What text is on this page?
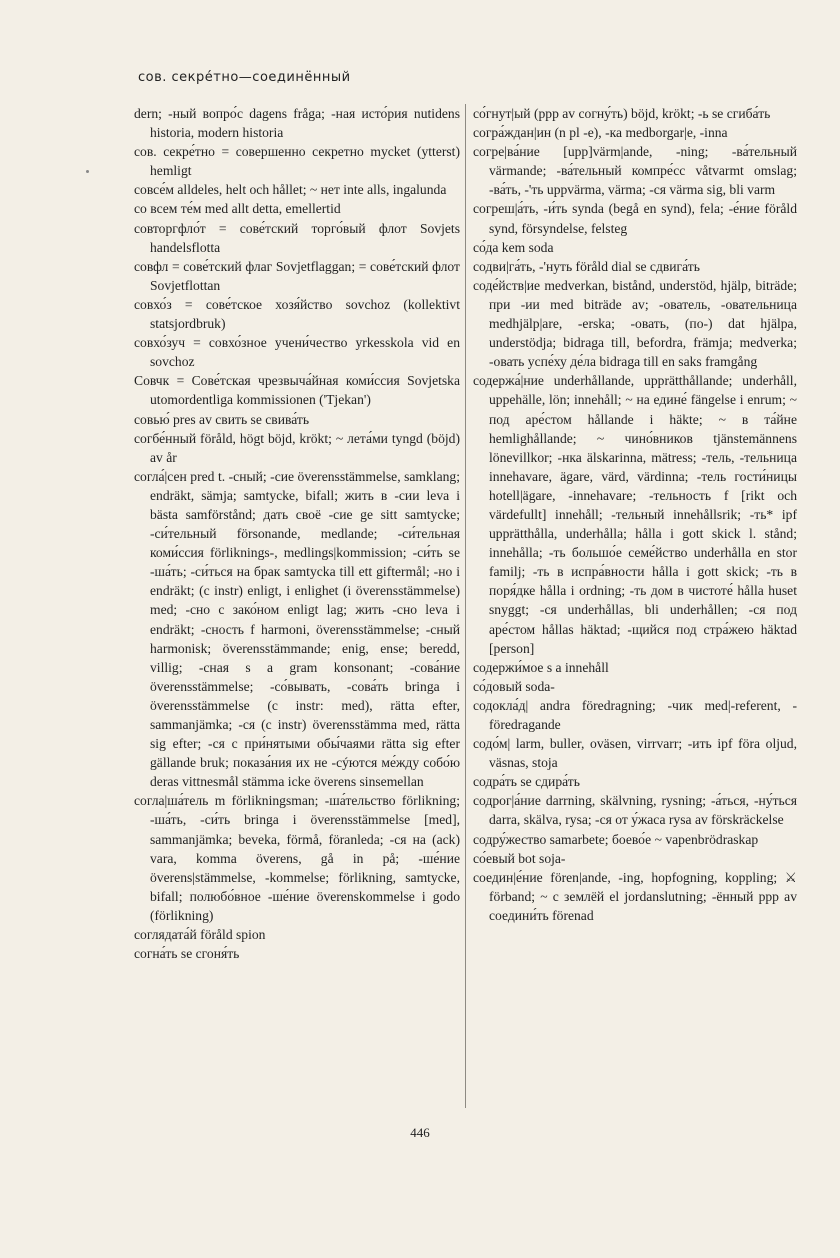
сов. секре́тно—соединённый
dern; -ный вопро́с dagens fråga; -ная исто́рия nutidens historia, modern historia
сов. секре́тно = совершенно секретно mycket (ytterst) hemligt
совсе́м alldeles, helt och hållet; ~ нет inte alls, ingalunda
со всем те́м med allt detta, emellertid
совторгфло́т = сове́тский торго́вый флот Sovjets handelsflotta
совфл = сове́тский флаг Sovjetflaggan; = сове́тский флот Sovjetflottan
совхо́з = сове́тское хозя́йство sovchoz (kollektivt statsjordbruk)
совхо́зуч = совхо́зное учени́чество yrkesskola vid en sovchoz
Совчк = Сове́тская чрезвыча́йная коми́ссия Sovjetska utomordentliga kommissionen ('Tjekan')
совью́ pres av свить se свива́ть
согбе́нный föråld, högt böjd, krökt; ~ лета́ми tyngd (böjd) av år
согла́|сен pred t. -сный; -сие överensstämmelse, samklang; endräkt, sämja; samtycke, bifall; жить в -сии leva i bästa samförstånd; дать своё -сие ge sitt samtycke; -си́тельный försonande, medlande; -си́тельная коми́ссия förliknings-, medlings|kommission; -си́ть se -ша́ть; -си́ться на брак samtycka till ett giftermål; -но i endräkt; (с instr) enligt, i enlighet (i överensstämmelse) med; -сно с зако́ном enligt lag; жить -сно leva i endräkt; -сность f harmoni, överensstämmelse; -сный harmonisk; överensstämmande; enig, ense; beredd, villig; -сная s a gram konsonant; -сова́ние överensstämmelse; -со́вывать, -сова́ть bringa i överensstämmelse (с instr: med), rätta efter, sammanjämka; -ся (с instr) överensstämma med, rätta sig efter; -ся с при́нятыми обы́чаями rätta sig efter gällande bruk; показа́ния их не -сýются ме́жду собо́ю deras vittnesmål stämma icke överens sinsemellan
согла|ша́тель m förlikningsman; -ша́тельство förlikning; -ша́ть, -си́ть bringa i överensstämmelse [med], sammanjämka; beveka, förmå, föranleda; -ся на (ack) vara, komma överens, gå in på; -ше́ние överens|stämmelse, -kommelse; förlikning, samtycke, bifall; полюбо́вное -ше́ние överenskommelse i godo (förlikning)
соглядата́й föråld spion
согна́ть se сгоня́ть
со́гнут|ый (ppp av согну́ть) böjd, krökt; -ь se сгиба́ть
согра́ждан|ин (n pl -е), -ка medborgar|e, -inna
согре|ва́ние [upp]värm|ande, -ning; -ва́тельный värmande; -ва́тельный компре́сс våtvarmt omslag; -ва́ть, -'ть uppvärma, värma; -ся värma sig, bli varm
согреш|а́ть, -и́ть synda (begå en synd), fela; -е́ние föråld synd, försyndelse, felsteg
со́да kem soda
содви|га́ть, -'нуть föråld dial se сдвига́ть
соде́йств|ие medverkan, bistånd, understöd, hjälp, biträde; при -ии med biträde av; -ователь, -овательница medhjälp|are, -erska; -овать, (по-) dat hjälpa, understödja; bidraga till, befordra, främja; medverka; -овать успе́ху де́ла bidraga till en saks framgång
содержа́|ние underhållande, upprätthållande; underhåll, uppehälle, lön; innehåll; ~ на едине́ fängelse i enrum; ~ под аре́стом hållande i häkte; ~ в та́йне hemlighållande; ~ чино́вников tjänstemännens lönevillkor; -нка älskarinna, mätress; -тель, -тельница innehavare, ägare, värd, värdinna; -тель гости́ницы hotell|ägare, -innehavare; -тельность f [rikt och värdefullt] innehåll; -тельный innehållsrik; -ть* ipf upprätthålla, underhålla; hålla i gott skick l. stånd; innehålla; -ть большо́е семе́йство underhålla en stor familj; -ть в испра́вности hålla i gott skick; -ть в поря́дке hålla i ordning; -ть дом в чистоте́ hålla huset snyggt; -ся underhållas, bli underhållen; -ся под аре́стом hållas häktad; -щийся под стра́жею häktad [person]
содержи́мое s a innehåll
со́довый soda-
содокла́д| andra föredragning; -чик med|-referent, -föredragande
содо́м| larm, buller, oväsen, virrvarr; -ить ipf föra oljud, väsnas, stoja
содра́ть se сдира́ть
содрог|а́ние darrning, skälvning, rysning; -а́ться, -ну́ться darra, skälva, rysa; -ся от у́жаса rysa av förskräckelse
содру́жество samarbete; боево́е ~ vapenbrödraskap
со́евый bot soja-
соедин|е́ние fören|ande, -ing, hopfogning, koppling; ⚔ förband; ~ с землёй el jordanslutning; -ённый ppp av соедини́ть förenad
446
